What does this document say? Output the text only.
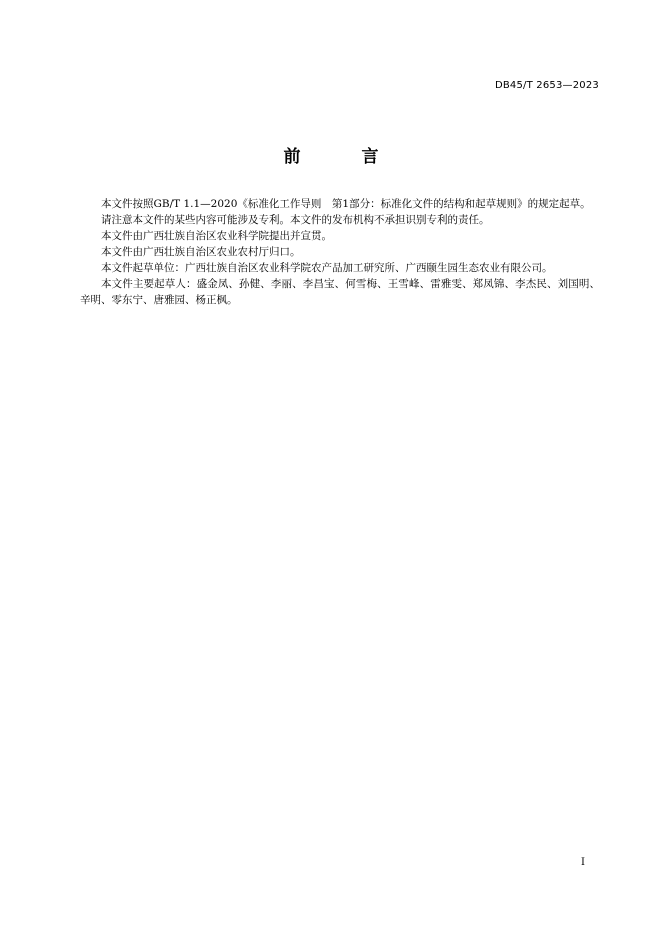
DB45/T 2653—2023
前　言

本文件按照GB/T 1.1—2020《标准化工作导则　第1部分：标准化文件的结构和起草规则》的规定起草。

请注意本文件的某些内容可能涉及专利。本文件的发布机构不承担识别专利的责任。

本文件由广西壮族自治区农业科学院提出并宣贯。

本文件由广西壮族自治区农业农村厅归口。

本文件起草单位：广西壮族自治区农业科学院农产品加工研究所、广西颐生园生态农业有限公司。

本文件主要起草人：盛金凤、孙健、李丽、李昌宝、何雪梅、王雪峰、雷雅雯、郑凤锦、李杰民、刘国明、辛明、零东宁、唐雅园、杨正枫。

I
